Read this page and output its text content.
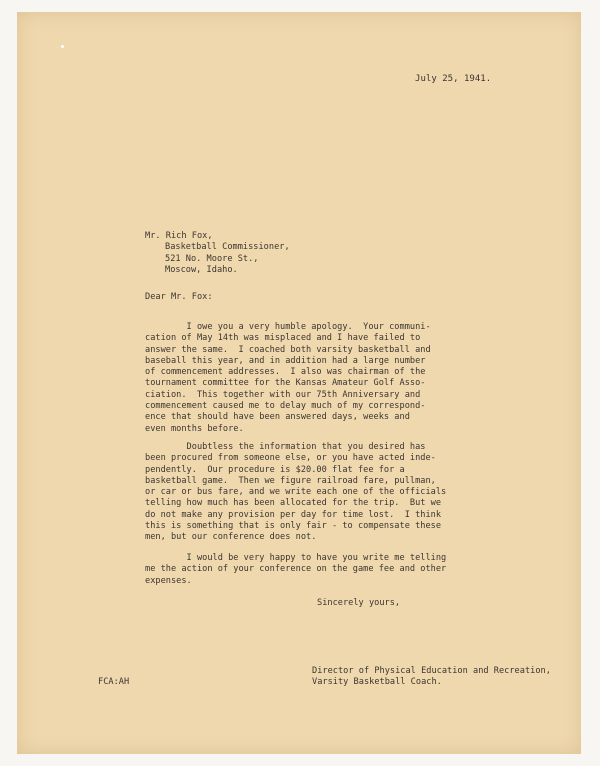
July 25, 1941.
Mr. Rich Fox,
Basketball Commissioner,
521 No. Moore St.,
Moscow, Idaho.
Dear Mr. Fox:
I owe you a very humble apology.  Your communi-
cation of May 14th was misplaced and I have failed to
answer the same.  I coached both varsity basketball and
baseball this year, and in addition had a large number
of commencement addresses.  I also was chairman of the
tournament committee for the Kansas Amateur Golf Asso-
ciation.  This together with our 75th Anniversary and
commencement caused me to delay much of my correspond-
ence that should have been answered days, weeks and
even months before.
Doubtless the information that you desired has
been procured from someone else, or you have acted inde-
pendently.  Our procedure is $20.00 flat fee for a
basketball game.  Then we figure railroad fare, pullman,
or car or bus fare, and we write each one of the officials
telling how much has been allocated for the trip.  But we
do not make any provision per day for time lost.  I think
this is something that is only fair - to compensate these
men, but our conference does not.
I would be very happy to have you write me telling
me the action of your conference on the game fee and other
expenses.
Sincerely yours,
FCA:AH
Director of Physical Education and Recreation,
Varsity Basketball Coach.
